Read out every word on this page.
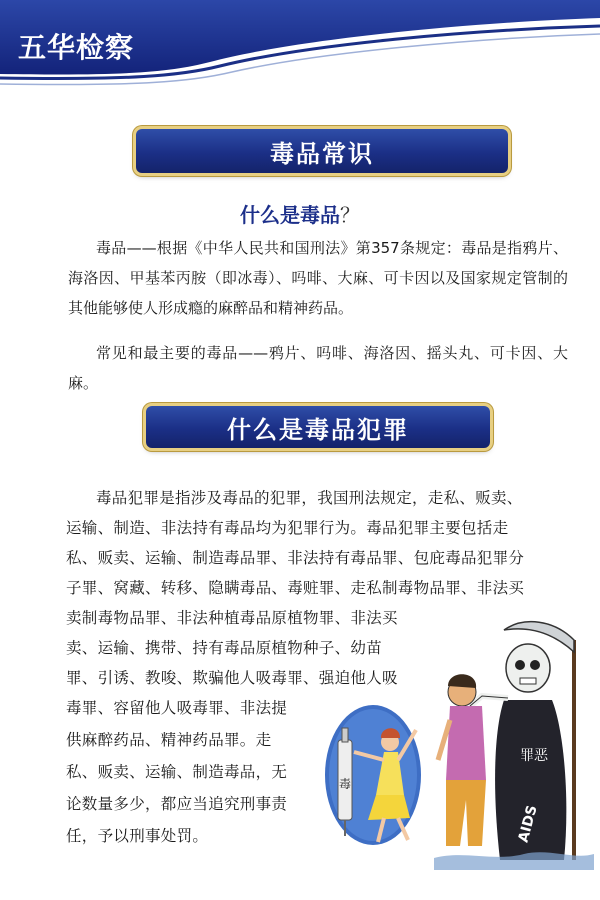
五华检察
毒品常识
什么是毒品？

毒品——根据《中华人民共和国刑法》第357条规定：毒品是指鸦片、海洛因、甲基苯丙胺（即冰毒）、吗啡、大麻、可卡因以及国家规定管制的其他能够使人形成瘾的麻醉品和精神药品。

常见和最主要的毒品——鸦片、吗啡、海洛因、摇头丸、可卡因、大麻。

什么是毒品犯罪
毒品犯罪是指涉及毒品的犯罪，我国刑法规定，走私、贩卖、
运输、制造、非法持有毒品均为犯罪行为。毒品犯罪主要包括走
私、贩卖、运输、制造毒品罪、非法持有毒品罪、包庇毒品犯罪分
子罪、窝藏、转移、隐瞒毒品、毒赃罪、走私制毒物品罪、非法买
卖制毒物品罪、非法种植毒品原植物罪、非法买
卖、运输、携带、持有毒品原植物种子、幼苗
罪、引诱、教唆、欺骗他人吸毒罪、强迫他人吸
毒罪、容留他人吸毒罪、非法提
供麻醉药品、精神药品罪。走
私、贩卖、运输、制造毒品，无
论数量多少，都应当追究刑事责
任，予以刑事处罚。
毒
罪恶
AIDS
